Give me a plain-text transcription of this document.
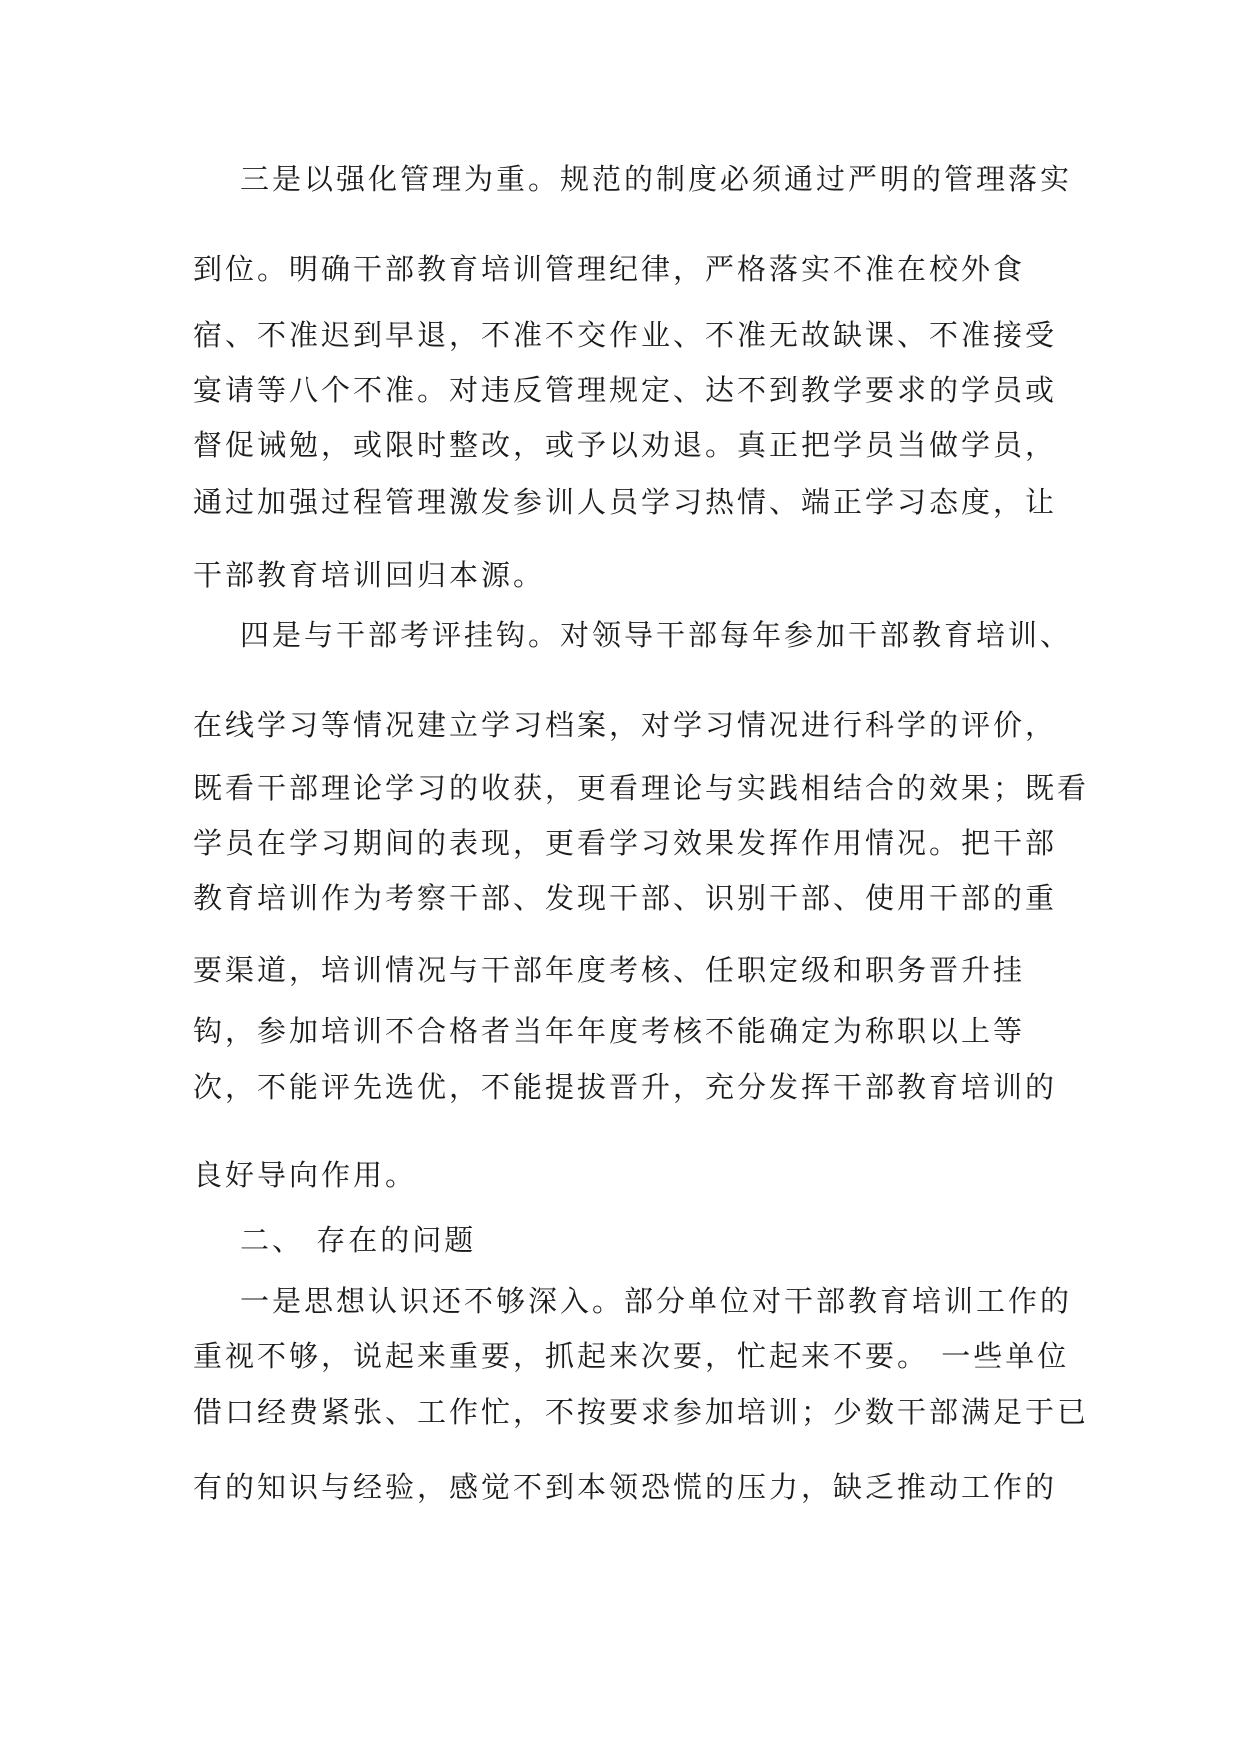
三是以强化管理为重。规范的制度必须通过严明的管理落实
到位。明确干部教育培训管理纪律，严格落实不准在校外食
宿、不准迟到早退，不准不交作业、不准无故缺课、不准接受
宴请等八个不准。对违反管理规定、达不到教学要求的学员或
督促诫勉，或限时整改，或予以劝退。真正把学员当做学员，
通过加强过程管理激发参训人员学习热情、端正学习态度，让
干部教育培训回归本源。
四是与干部考评挂钩。对领导干部每年参加干部教育培训、
在线学习等情况建立学习档案，对学习情况进行科学的评价，
既看干部理论学习的收获，更看理论与实践相结合的效果；既看
学员在学习期间的表现，更看学习效果发挥作用情况。把干部
教育培训作为考察干部、发现干部、识别干部、使用干部的重
要渠道，培训情况与干部年度考核、任职定级和职务晋升挂
钩，参加培训不合格者当年年度考核不能确定为称职以上等
次，不能评先选优，不能提拔晋升，充分发挥干部教育培训的
良好导向作用。
二、 存在的问题
一是思想认识还不够深入。部分单位对干部教育培训工作的
重视不够，说起来重要，抓起来次要，忙起来不要。 一些单位
借口经费紧张、工作忙，不按要求参加培训；少数干部满足于已
有的知识与经验，感觉不到本领恐慌的压力，缺乏推动工作的
